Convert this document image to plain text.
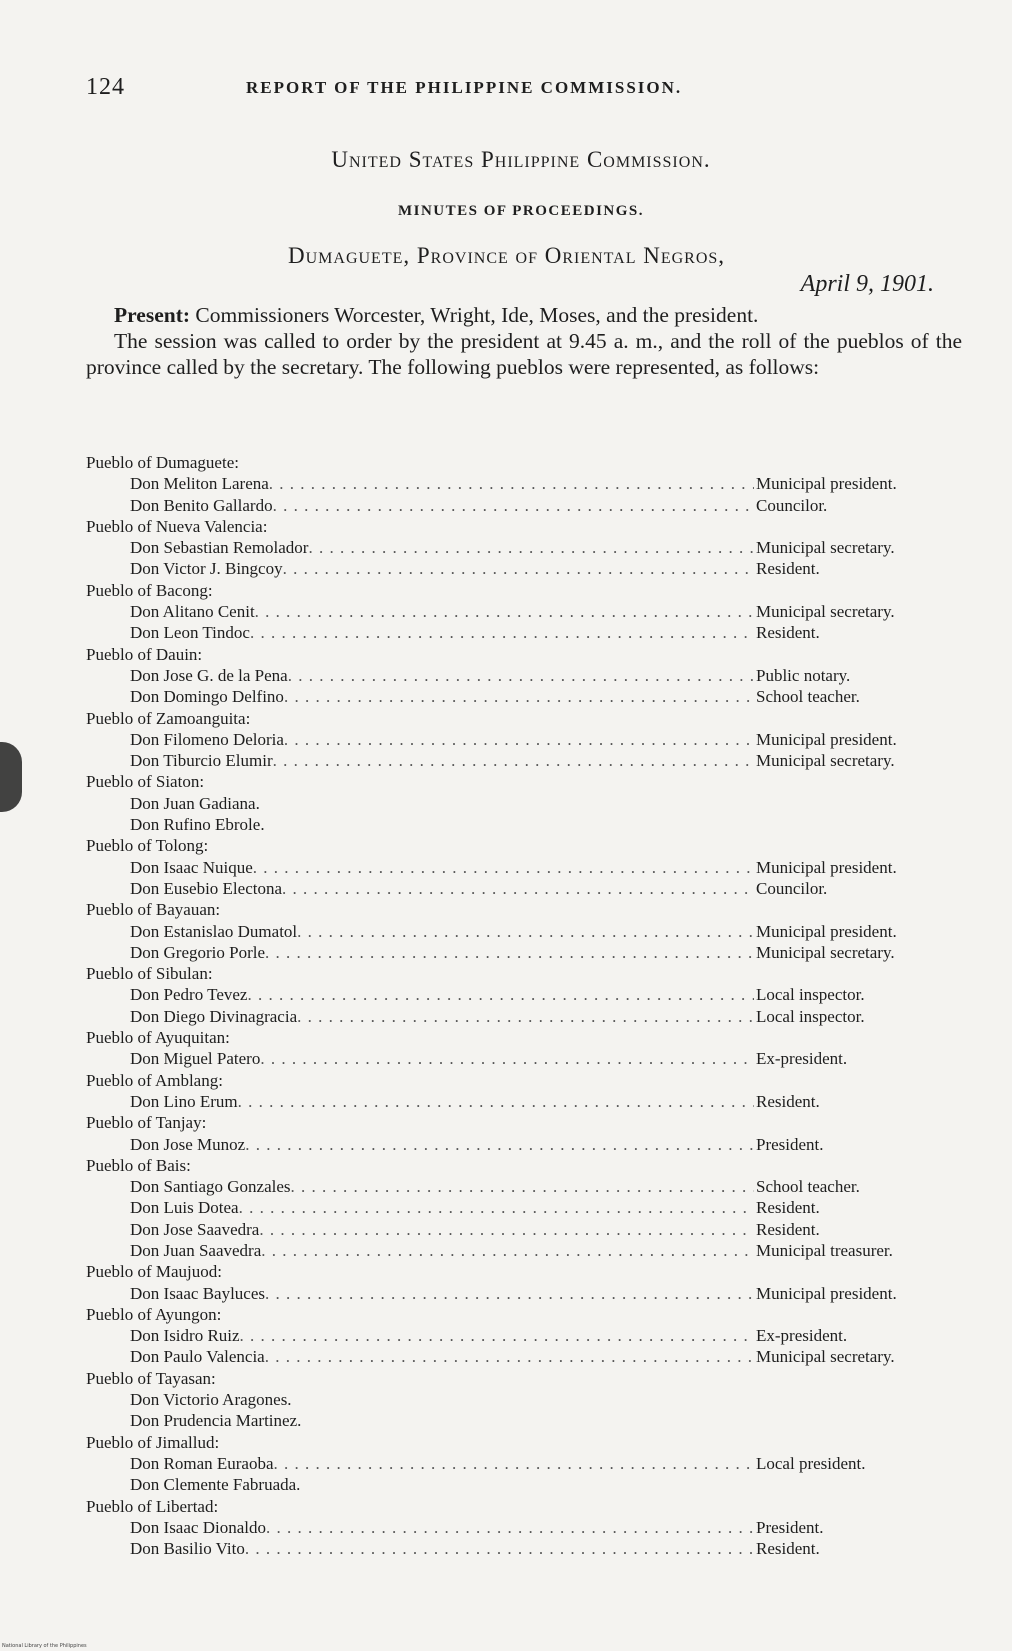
124	REPORT OF THE PHILIPPINE COMMISSION.
United States Philippine Commission.
MINUTES OF PROCEEDINGS.
Dumaguete, Province of Oriental Negros,
April 9, 1901.

Present: Commissioners Worcester, Wright, Ide, Moses, and the president.

The session was called to order by the president at 9.45 a. m., and the roll of the pueblos of the province called by the secretary. The following pueblos were represented, as follows:

Pueblo of Dumaguete:
Don Meliton Larena . . .	Municipal president.
Don Benito Gallardo . . .	Councilor.
Pueblo of Nueva Valencia:
Don Sebastian Remolador . . .	Municipal secretary.
Don Victor J. Bingcoy . . .	Resident.
Pueblo of Bacong:
Don Alitano Cenit . . .	Municipal secretary.
Don Leon Tindoc . . .	Resident.
Pueblo of Dauin:
Don Jose G. de la Pena . . .	Public notary.
Don Domingo Delfino . . .	School teacher.
Pueblo of Zamoanguita:
Don Filomeno Deloria . . .	Municipal president.
Don Tiburcio Elumir . . .	Municipal secretary.
Pueblo of Siaton:
Don Juan Gadiana.
Don Rufino Ebrole.
Pueblo of Tolong:
Don Isaac Nuique . . .	Municipal president.
Don Eusebio Electona . . .	Councilor.
Pueblo of Bayauan:
Don Estanislao Dumatol . . .	Municipal president.
Don Gregorio Porle . . .	Municipal secretary.
Pueblo of Sibulan:
Don Pedro Tevez . . .	Local inspector.
Don Diego Divinagracia . . .	Local inspector.
Pueblo of Ayuquitan:
Don Miguel Patero . . .	Ex-president.
Pueblo of Amblang:
Don Lino Erum . . .	Resident.
Pueblo of Tanjay:
Don Jose Munoz . . .	President.
Pueblo of Bais:
Don Santiago Gonzales . . .	School teacher.
Don Luis Dotea . . .	Resident.
Don Jose Saavedra . . .	Resident.
Don Juan Saavedra . . .	Municipal treasurer.
Pueblo of Maujuod:
Don Isaac Bayluces . . .	Municipal president.
Pueblo of Ayungon:
Don Isidro Ruiz . . .	Ex-president.
Don Paulo Valencia . . .	Municipal secretary.
Pueblo of Tayasan:
Don Victorio Aragones.
Don Prudencia Martinez.
Pueblo of Jimallud:
Don Roman Euraoba . . .	Local president.
Don Clemente Fabruada.
Pueblo of Libertad:
Don Isaac Dionaldo . . .	President.
Don Basilio Vito . . .	Resident.
National Library of the Philippines
